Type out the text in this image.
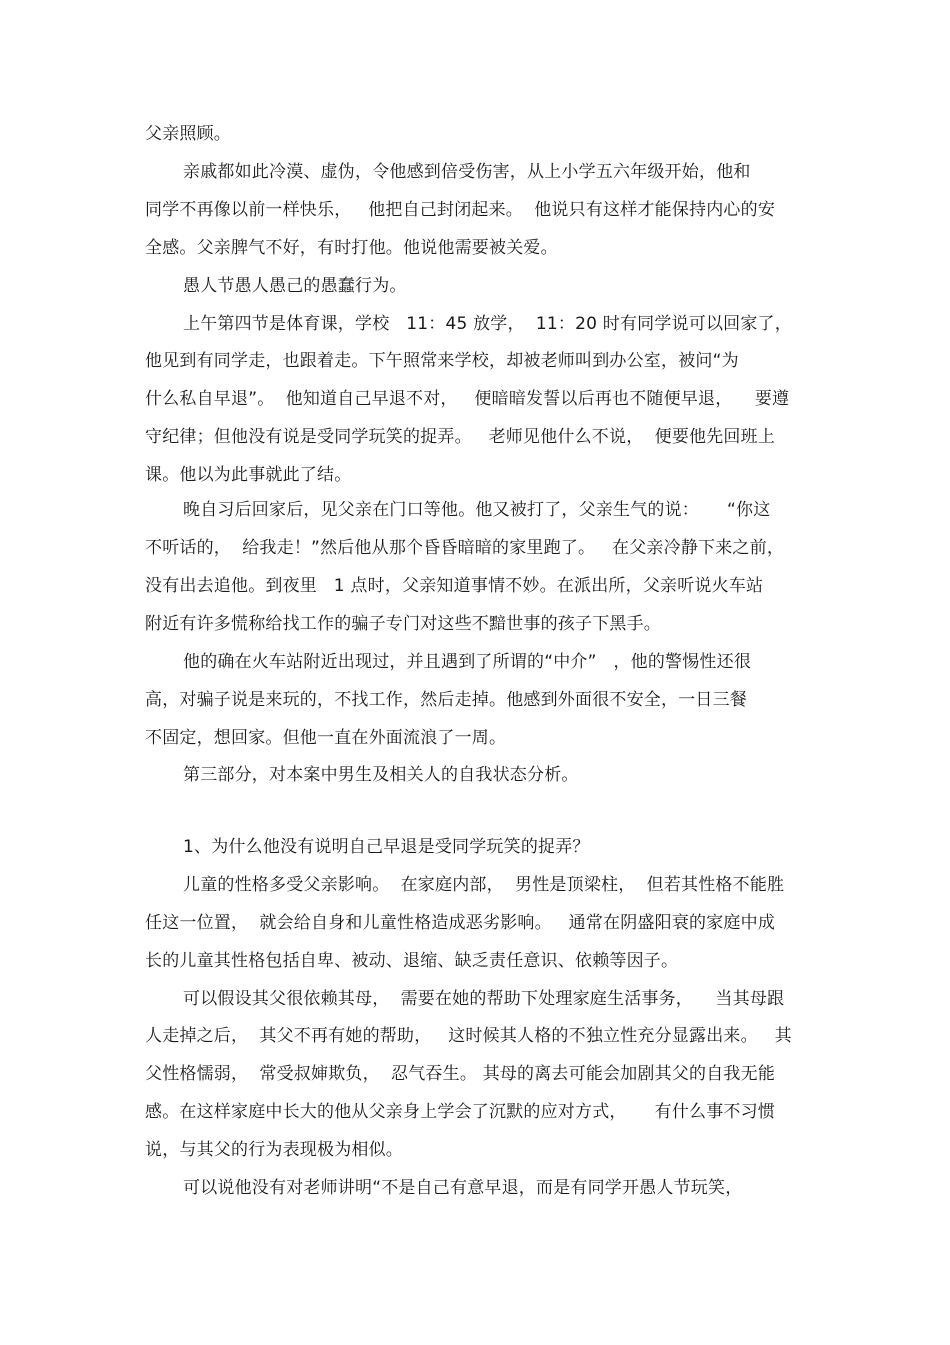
父亲照顾。
亲戚都如此冷漠、虚伪，令他感到倍受伤害，从上小学五六年级开始，他和
同学不再像以前一样快乐，   他把自己封闭起来。  他说只有这样才能保持内心的安
全感。父亲脾气不好，有时打他。他说他需要被关爱。
愚人节愚人愚己的愚蠢行为。
上午第四节是体育课，学校   11：45 放学，  11：20 时有同学说可以回家了，
他见到有同学走，也跟着走。下午照常来学校，却被老师叫到办公室，被问“为
什么私自早退”。  他知道自己早退不对，   便暗暗发誓以后再也不随便早退，    要遵
守纪律；但他没有说是受同学玩笑的捉弄。   老师见他什么不说，  便要他先回班上
课。他以为此事就此了结。
晚自习后回家后，见父亲在门口等他。他又被打了，父亲生气的说：     “你这
不听话的，  给我走！”然后他从那个昏昏暗暗的家里跑了。   在父亲冷静下来之前，
没有出去追他。到夜里   1 点时，父亲知道事情不妙。在派出所，父亲听说火车站
附近有许多慌称给找工作的骗子专门对这些不黯世事的孩子下黑手。
他的确在火车站附近出现过，并且遇到了所谓的“中介”   ，他的警惕性还很
高，对骗子说是来玩的，不找工作，然后走掉。他感到外面很不安全，一日三餐
不固定，想回家。但他一直在外面流浪了一周。
第三部分，对本案中男生及相关人的自我状态分析。
1、为什么他没有说明自己早退是受同学玩笑的捉弄？
儿童的性格多受父亲影响。  在家庭内部，  男性是顶梁柱，  但若其性格不能胜
任这一位置，  就会给自身和儿童性格造成恶劣影响。   通常在阴盛阳衰的家庭中成
长的儿童其性格包括自卑、被动、退缩、缺乏责任意识、依赖等因子。
可以假设其父很依赖其母，  需要在她的帮助下处理家庭生活事务，    当其母跟
人走掉之后，  其父不再有她的帮助，   这时候其人格的不独立性充分显露出来。   其
父性格懦弱，  常受叔婶欺负，  忍气吞生。 其母的离去可能会加剧其父的自我无能
感。在这样家庭中长大的他从父亲身上学会了沉默的应对方式，     有什么事不习惯
说，与其父的行为表现极为相似。
可以说他没有对老师讲明“不是自己有意早退，而是有同学开愚人节玩笑，
